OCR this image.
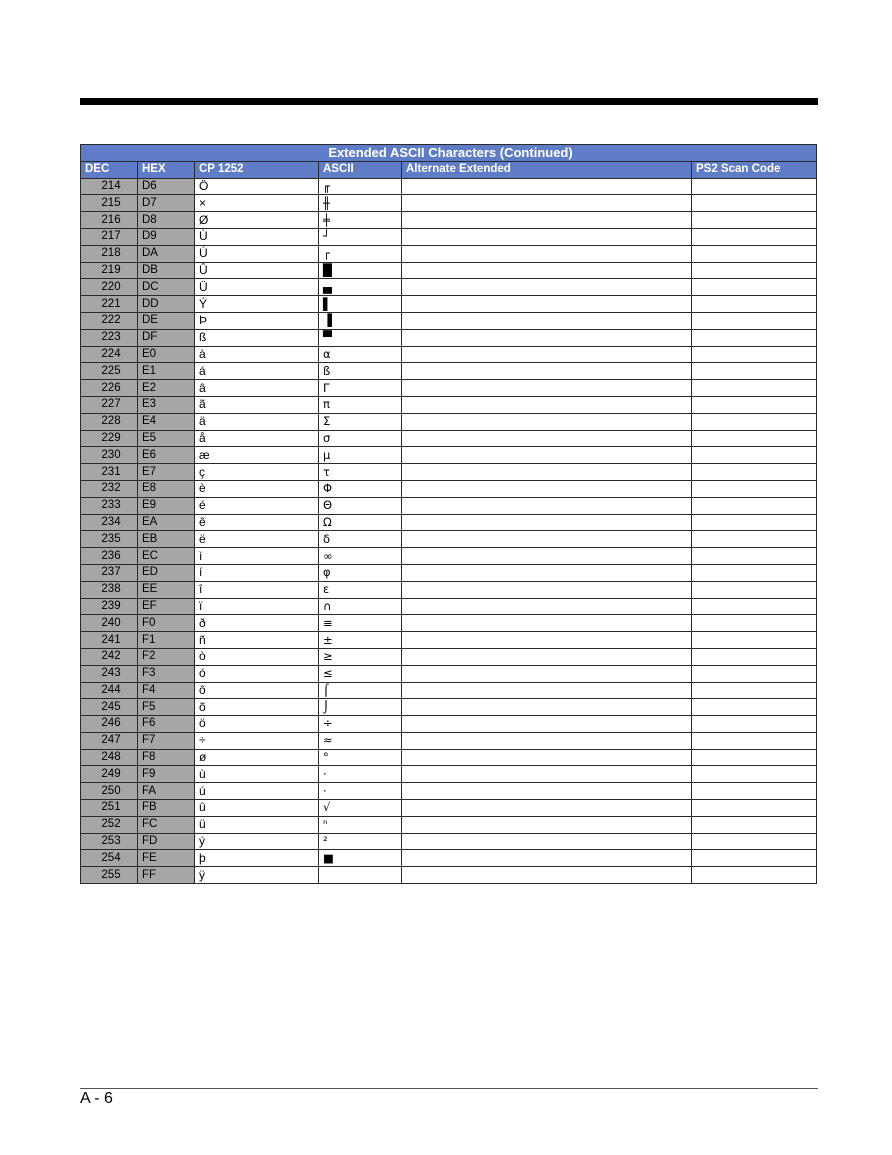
Extended ASCII Characters (Continued)					
DEC	HEX	CP 1252	ASCII	Alternate Extended	PS2 Scan Code
214	D6	Ö	╓		
215	D7	×	╫		
216	D8	Ø	╪		
217	D9	Ù	┘		
218	DA	Ú	┌		
219	DB	Û	█		
220	DC	Ü	▄		
221	DD	Ý	▌		
222	DE	Þ	▐		
223	DF	ß	▀		
224	E0	à	α		
225	E1	á	ß		
226	E2	â	Γ		
227	E3	ã	π		
228	E4	ä	Σ		
229	E5	å	σ		
230	E6	æ	µ		
231	E7	ç	τ		
232	E8	è	Φ		
233	E9	é	Θ		
234	EA	ê	Ω		
235	EB	ë	δ		
236	EC	ì	∞		
237	ED	í	φ		
238	EE	î	ε		
239	EF	ï	∩		
240	F0	ð	≡		
241	F1	ñ	±		
242	F2	ò	≥		
243	F3	ó	≤		
244	F4	ô	⌠		
245	F5	õ	⌡		
246	F6	ö	÷		
247	F7	÷	≈		
248	F8	ø	°		
249	F9	ù	·		
250	FA	ú	·		
251	FB	û	√		
252	FC	ü	ⁿ		
253	FD	ý	²		
254	FE	þ	■		
255	FF	ÿ			
A - 6
